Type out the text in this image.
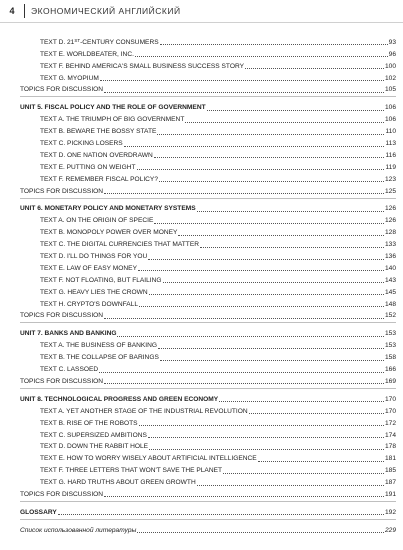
4	ЭКОНОМИЧЕСКИЙ АНГЛИЙСКИЙ
TEXT D. 21ST-CENTURY CONSUMERS	93
TEXT E. WORLDBEATER, INC.	96
TEXT F. BEHIND AMERICA'S SMALL BUSINESS SUCCESS STORY	100
TEXT G. MYOPIUM	102
TOPICS FOR DISCUSSION	105
UNIT 5. FISCAL POLICY AND THE ROLE OF GOVERNMENT	106
TEXT A. THE TRIUMPH OF BIG GOVERNMENT	106
TEXT B. BEWARE THE BOSSY STATE	110
TEXT C. PICKING LOSERS	113
TEXT D. ONE NATION OVERDRAWN	116
TEXT E. PUTTING ON WEIGHT	119
TEXT F. REMEMBER FISCAL POLICY?	123
TOPICS FOR DISCUSSION	125
UNIT 6. MONETARY POLICY AND MONETARY SYSTEMS	126
TEXT A. ON THE ORIGIN OF SPECIE	126
TEXT B. MONOPOLY POWER OVER MONEY	128
TEXT C. THE DIGITAL CURRENCIES THAT MATTER	133
TEXT D. I'LL DO THINGS FOR YOU	136
TEXT E. LAW OF EASY MONEY	140
TEXT F. NOT FLOATING, BUT FLAILING	143
TEXT G. HEAVY LIES THE CROWN	145
TEXT H. CRYPTO'S DOWNFALL	148
TOPICS FOR DISCUSSION	152
UNIT 7. BANKS AND BANKING	153
TEXT A. THE BUSINESS OF BANKING	153
TEXT B. THE COLLAPSE OF BARINGS	158
TEXT C. LASSOED	166
TOPICS FOR DISCUSSION	169
UNIT 8. TECHNOLOGICAL PROGRESS AND GREEN ECONOMY	170
TEXT A. YET ANOTHER STAGE OF THE INDUSTRIAL REVOLUTION	170
TEXT B. RISE OF THE ROBOTS	172
TEXT C. SUPERSIZED AMBITIONS	174
TEXT D. DOWN THE RABBIT HOLE	178
TEXT E. HOW TO WORRY WISELY ABOUT ARTIFICIAL INTELLIGENCE	181
TEXT F. THREE LETTERS THAT WON'T SAVE THE PLANET	185
TEXT G. HARD TRUTHS ABOUT GREEN GROWTH	187
TOPICS FOR DISCUSSION	191
GLOSSARY	192
Список использованной литературы	229
